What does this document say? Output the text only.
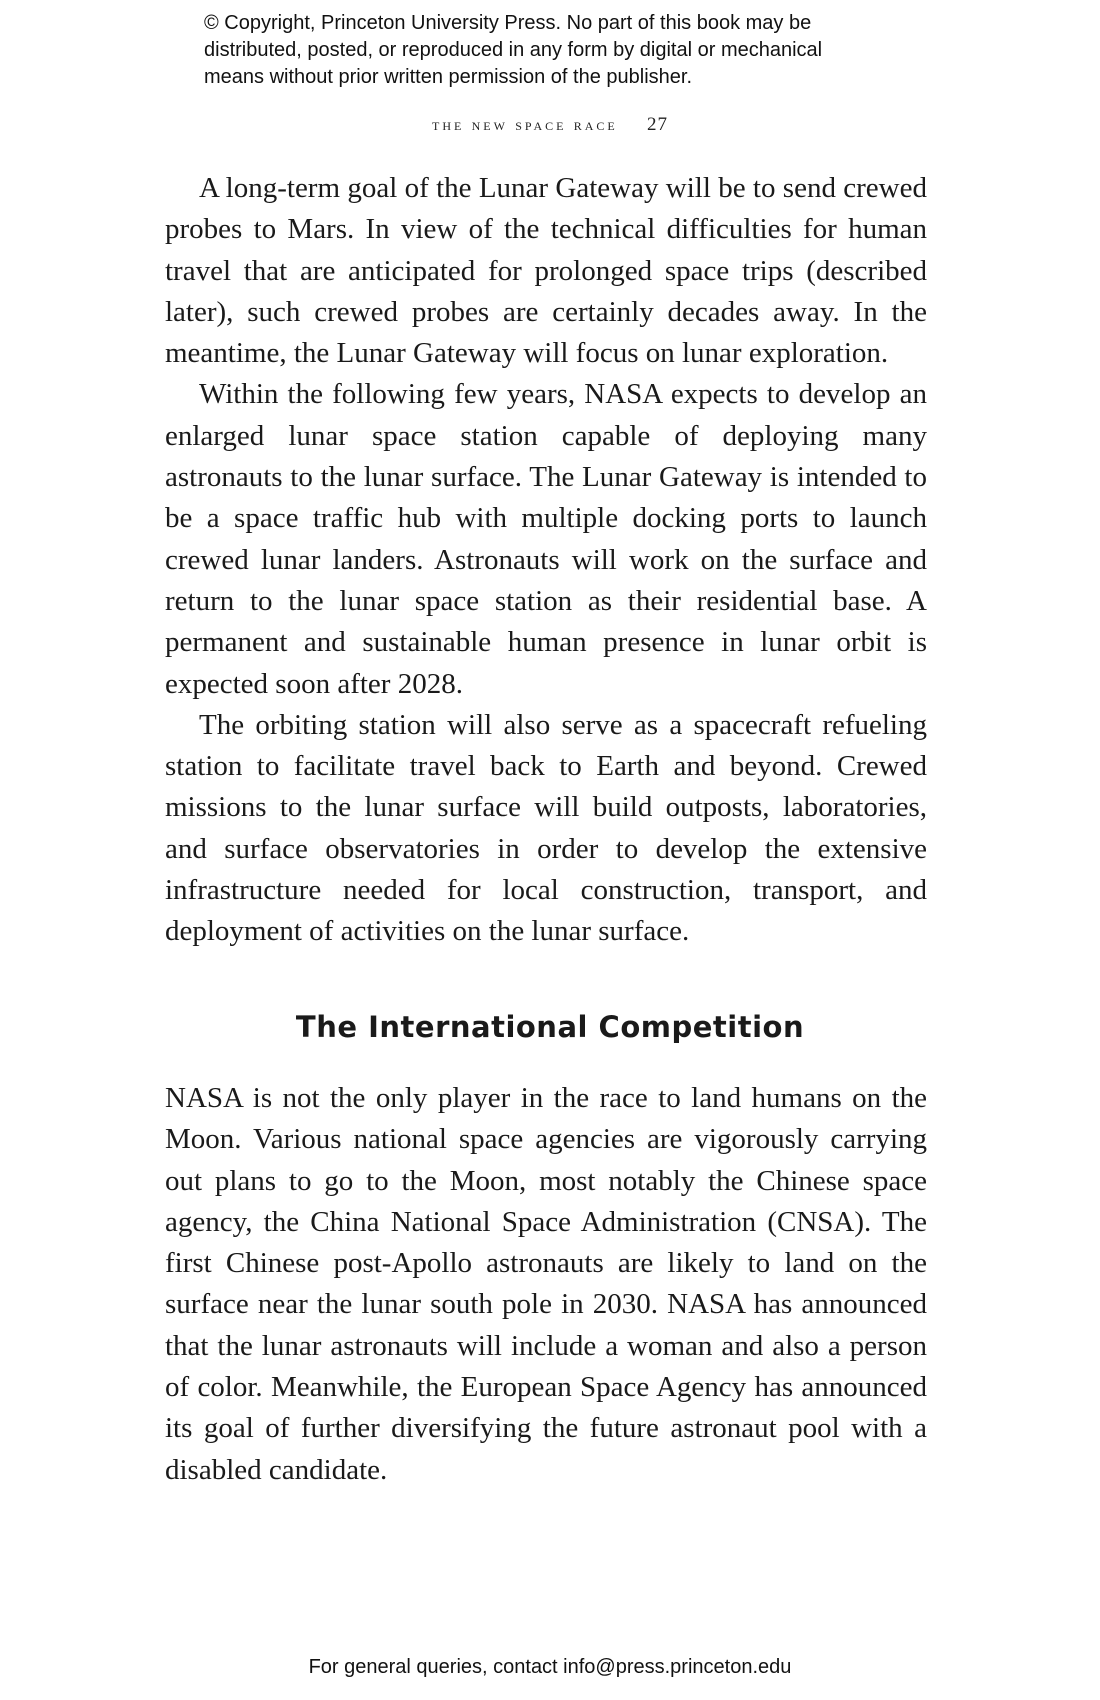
© Copyright, Princeton University Press. No part of this book may be
distributed, posted, or reproduced in any form by digital or mechanical
means without prior written permission of the publisher.
the new space race 27

A long-term goal of the Lunar Gateway will be to send crewed probes to Mars. In view of the technical difficulties for human travel that are anticipated for prolonged space trips (described later), such crewed probes are certainly decades away. In the meantime, the Lunar Gateway will focus on lunar exploration.

Within the following few years, NASA expects to develop an enlarged lunar space station capable of deploying many astronauts to the lunar surface. The Lunar Gateway is intended to be a space traffic hub with multiple docking ports to launch crewed lunar landers. Astronauts will work on the surface and return to the lunar space station as their residential base. A permanent and sustainable human presence in lunar orbit is expected soon after 2028.

The orbiting station will also serve as a spacecraft refueling station to facilitate travel back to Earth and beyond. Crewed missions to the lunar surface will build outposts, laboratories, and surface observatories in order to develop the extensive infrastructure needed for local construction, transport, and deployment of activities on the lunar surface.

The International Competition

NASA is not the only player in the race to land humans on the Moon. Various national space agencies are vigorously carrying out plans to go to the Moon, most notably the Chinese space agency, the China National Space Administration (CNSA). The first Chinese post-Apollo astronauts are likely to land on the surface near the lunar south pole in 2030. NASA has announced that the lunar astronauts will include a woman and also a person of color. Meanwhile, the European Space Agency has announced its goal of further diversifying the future astronaut pool with a disabled candidate.

For general queries, contact info@press.princeton.edu
